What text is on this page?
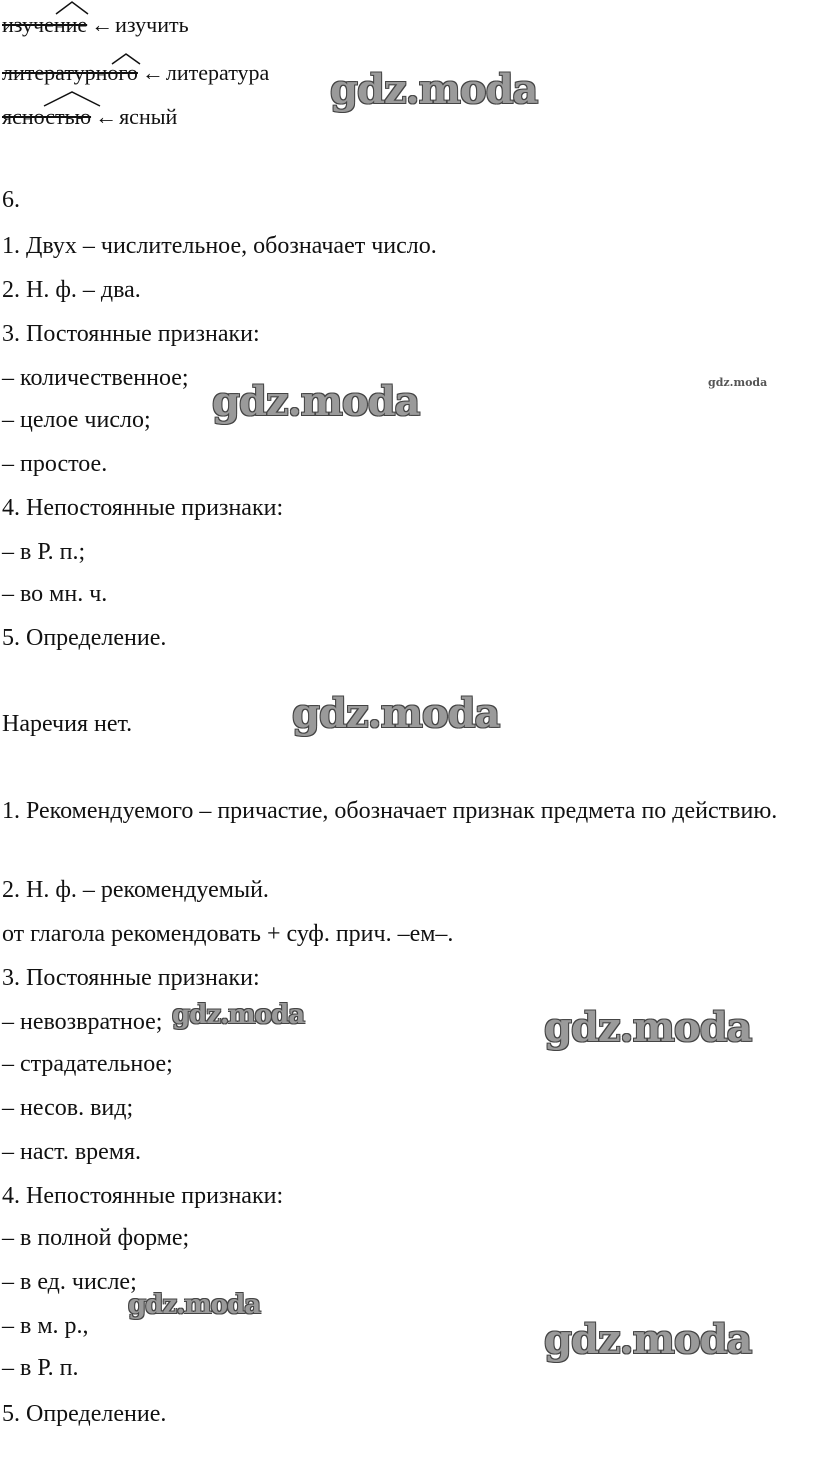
изучение ←изучить
литературного ←литература
ясностью ←ясный
6.
1. Двух – числительное, обозначает число.
2. Н. ф. – два.
3. Постоянные признаки:
– количественное;
– целое число;
– простое.
4. Непостоянные признаки:
– в Р. п.;
– во мн. ч.
5. Определение.
Наречия нет.
1. Рекомендуемого – причастие, обозначает признак предмета по действию.
2. Н. ф. – рекомендуемый.
от глагола рекомендовать + суф. прич. –ем–.
3. Постоянные признаки:
– невозвратное;
– страдательное;
– несов. вид;
– наст. время.
4. Непостоянные признаки:
– в полной форме;
– в ед. числе;
– в м. р.,
– в Р. п.
5. Определение.
gdz.moda
gdz.moda	gdz.moda
gdz.moda
gdz.moda	gdz.moda
gdz.moda
gdz.moda
